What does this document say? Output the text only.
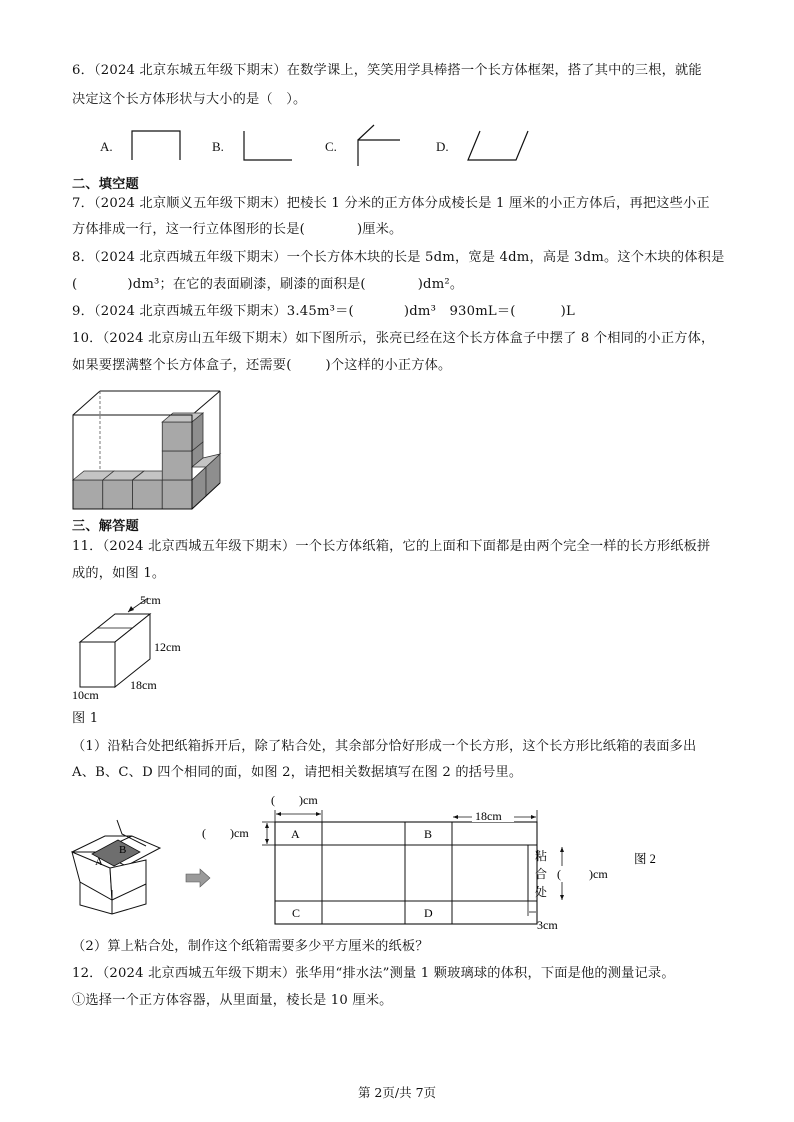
6．（2024 北京东城五年级下期末）在数学课上，笑笑用学具棒搭一个长方体框架，搭了其中的三根，就能
决定这个长方体形状与大小的是（　）。
A.	B.	C.	D.
二、填空题
7．（2024 北京顺义五年级下期末）把棱长 1 分米的正方体分成棱长是 1 厘米的小正方体后，再把这些小正
方体排成一行，这一行立体图形的长是(	)厘米。
8．（2024 北京西城五年级下期末）一个长方体木块的长是 5dm，宽是 4dm，高是 3dm。这个木块的体积是
(	)dm³；在它的表面刷漆，刷漆的面积是(	)dm²。
9．（2024 北京西城五年级下期末）3.45m³＝(	)dm³　930mL＝(	)L
10．（2024 北京房山五年级下期末）如下图所示，张亮已经在这个长方体盒子中摆了 8 个相同的小正方体，
如果要摆满整个长方体盒子，还需要(	)个这样的小正方体。
三、解答题
11．（2024 北京西城五年级下期末）一个长方体纸箱，它的上面和下面都是由两个完全一样的长方形纸板拼
成的，如图 1。
5cm
12cm
18cm
10cm
图 1
（1）沿粘合处把纸箱拆开后，除了粘合处，其余部分恰好形成一个长方形，这个长方形比纸箱的表面多出
A、B、C、D 四个相同的面，如图 2，请把相关数据填写在图 2 的括号里。
B
A
A	B
C	D
(　　)cm
18cm
(　　)cm
粘
合
处
( )cm
3cm
图 2
（2）算上粘合处，制作这个纸箱需要多少平方厘米的纸板？
12．（2024 北京西城五年级下期末）张华用“排水法”测量 1 颗玻璃球的体积，下面是他的测量记录。
①选择一个正方体容器，从里面量，棱长是 10 厘米。
第 2页/共 7页
